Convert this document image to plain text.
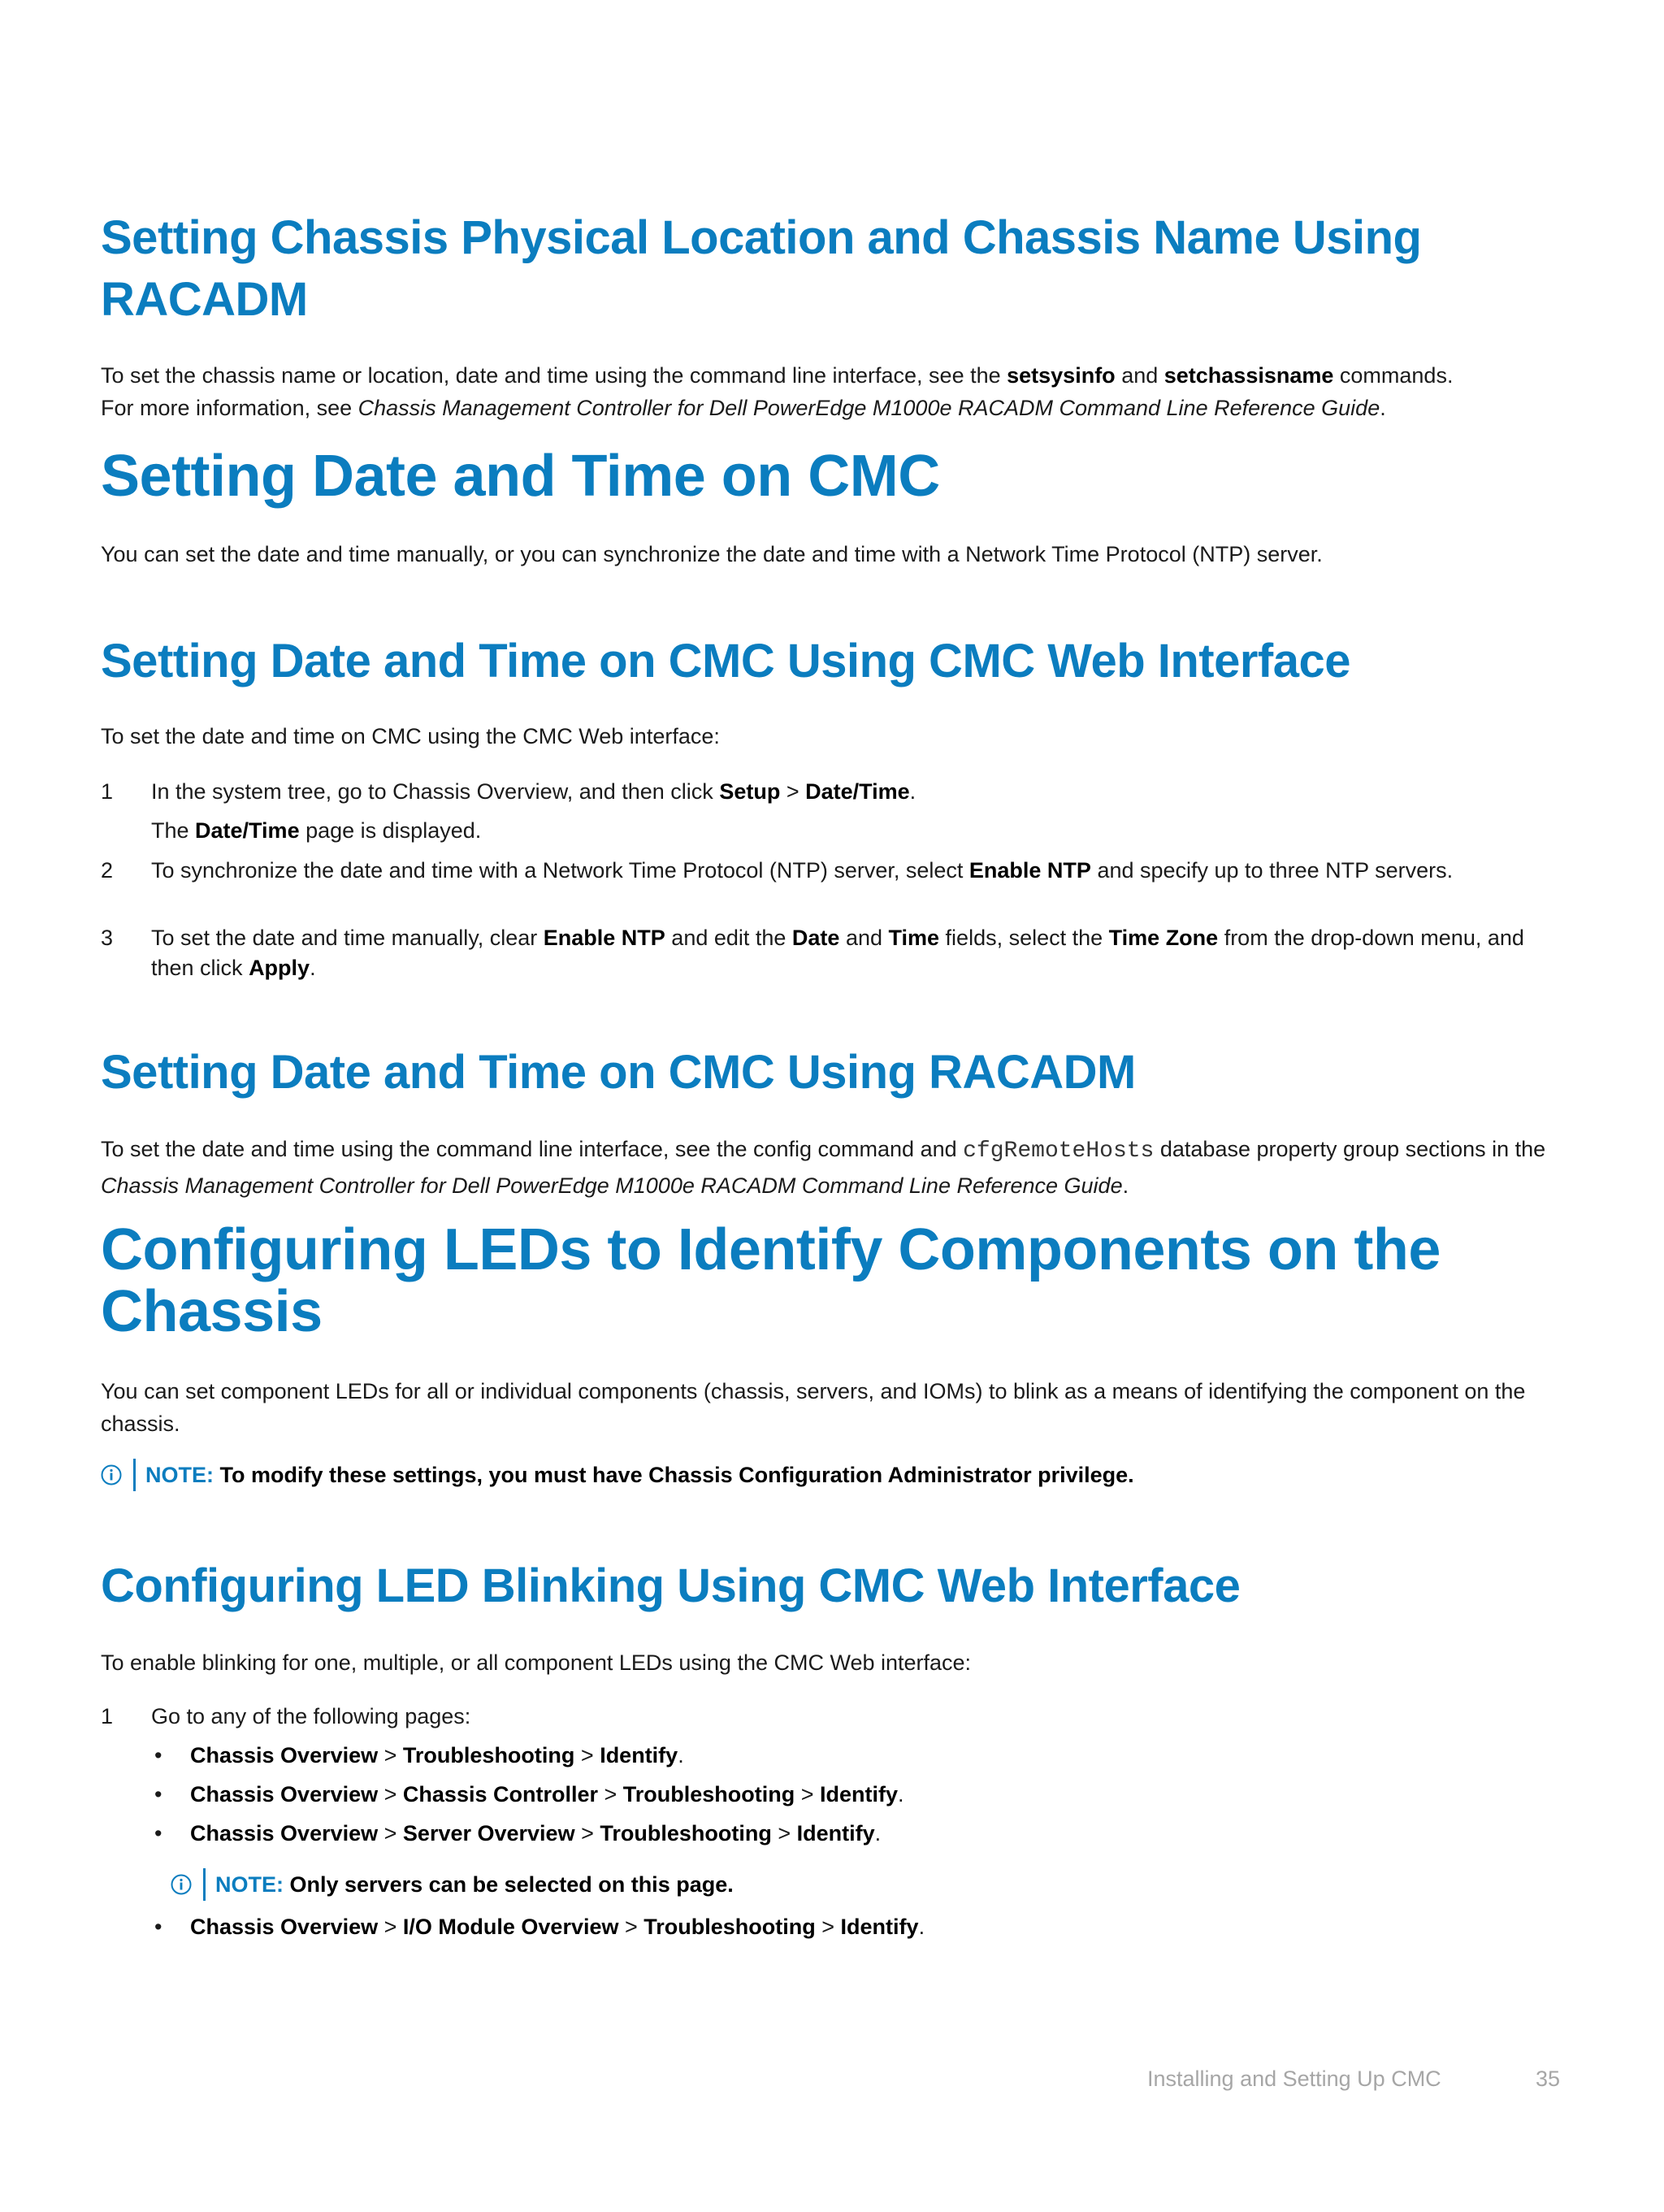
Setting Chassis Physical Location and Chassis Name Using
RACADM

To set the chassis name or location, date and time using the command line interface, see the setsysinfo and setchassisname commands.

For more information, see Chassis Management Controller for Dell PowerEdge M1000e RACADM Command Line Reference Guide.

Setting Date and Time on CMC

You can set the date and time manually, or you can synchronize the date and time with a Network Time Protocol (NTP) server.

Setting Date and Time on CMC Using CMC Web Interface

To set the date and time on CMC using the CMC Web interface:

1	In the system tree, go to Chassis Overview, and then click Setup > Date/Time.
The Date/Time page is displayed.
2	To synchronize the date and time with a Network Time Protocol (NTP) server, select Enable NTP and specify up to three NTP servers.
3	To set the date and time manually, clear Enable NTP and edit the Date and Time fields, select the Time Zone from the drop-down menu, and then click Apply.
Setting Date and Time on CMC Using RACADM

To set the date and time using the command line interface, see the config command and cfgRemoteHosts database property group sections in the Chassis Management Controller for Dell PowerEdge M1000e RACADM Command Line Reference Guide.

Configuring LEDs to Identify Components on the
Chassis

You can set component LEDs for all or individual components (chassis, servers, and IOMs) to blink as a means of identifying the component on the chassis.

NOTE: To modify these settings, you must have Chassis Configuration Administrator privilege.
Configuring LED Blinking Using CMC Web Interface

To enable blinking for one, multiple, or all component LEDs using the CMC Web interface:

1	Go to any of the following pages:
• Chassis Overview > Troubleshooting > Identify.
• Chassis Overview > Chassis Controller > Troubleshooting > Identify.
• Chassis Overview > Server Overview > Troubleshooting > Identify.
NOTE: Only servers can be selected on this page.
• Chassis Overview > I/O Module Overview > Troubleshooting > Identify.
Installing and Setting Up CMC	35
